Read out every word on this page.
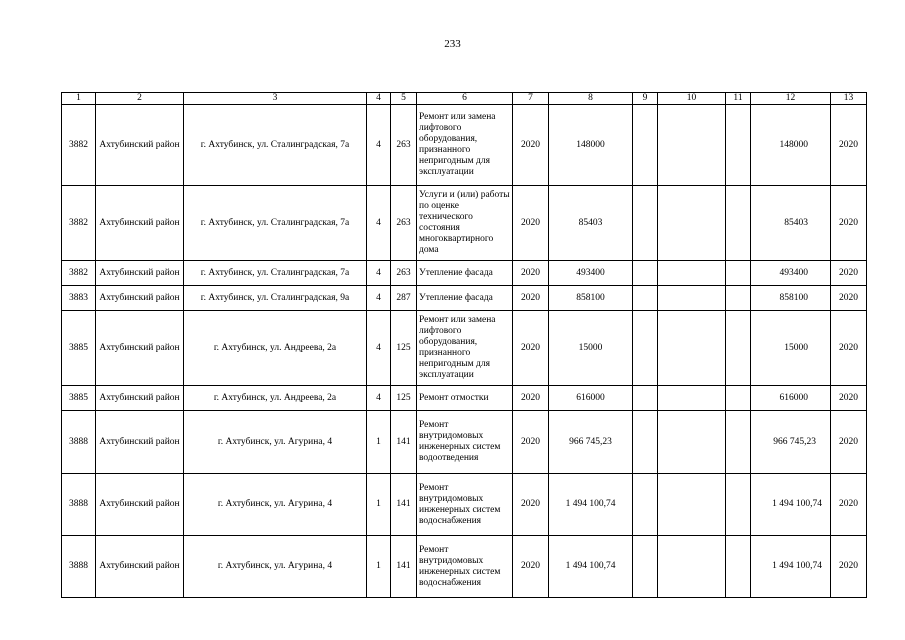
233
1	2	3	4	5	6	7	8	9	10	11	12	13
3882	Ахтубинский район	г. Ахтубинск, ул. Сталинградская, 7а	4	263	Ремонт или замена лифтового оборудования, признанного непригодным для эксплуатации	2020	148000				148000	2020
3882	Ахтубинский район	г. Ахтубинск, ул. Сталинградская, 7а	4	263	Услуги и (или) работы по оценке технического состояния многоквартирного дома	2020	85403				85403	2020
3882	Ахтубинский район	г. Ахтубинск, ул. Сталинградская, 7а	4	263	Утепление фасада	2020	493400				493400	2020
3883	Ахтубинский район	г. Ахтубинск, ул. Сталинградская, 9а	4	287	Утепление фасада	2020	858100				858100	2020
3885	Ахтубинский район	г. Ахтубинск, ул. Андреева, 2а	4	125	Ремонт или замена лифтового оборудования, признанного непригодным для эксплуатации	2020	15000				15000	2020
3885	Ахтубинский район	г. Ахтубинск, ул. Андреева, 2а	4	125	Ремонт отмостки	2020	616000				616000	2020
3888	Ахтубинский район	г. Ахтубинск, ул. Агурина, 4	1	141	Ремонт внутридомовых инженерных систем водоотведения	2020	966 745,23				966 745,23	2020
3888	Ахтубинский район	г. Ахтубинск, ул. Агурина, 4	1	141	Ремонт внутридомовых инженерных систем водоснабжения	2020	1 494 100,74				1 494 100,74	2020
3888	Ахтубинский район	г. Ахтубинск, ул. Агурина, 4	1	141	Ремонт внутридомовых инженерных систем водоснабжения	2020	1 494 100,74				1 494 100,74	2020
